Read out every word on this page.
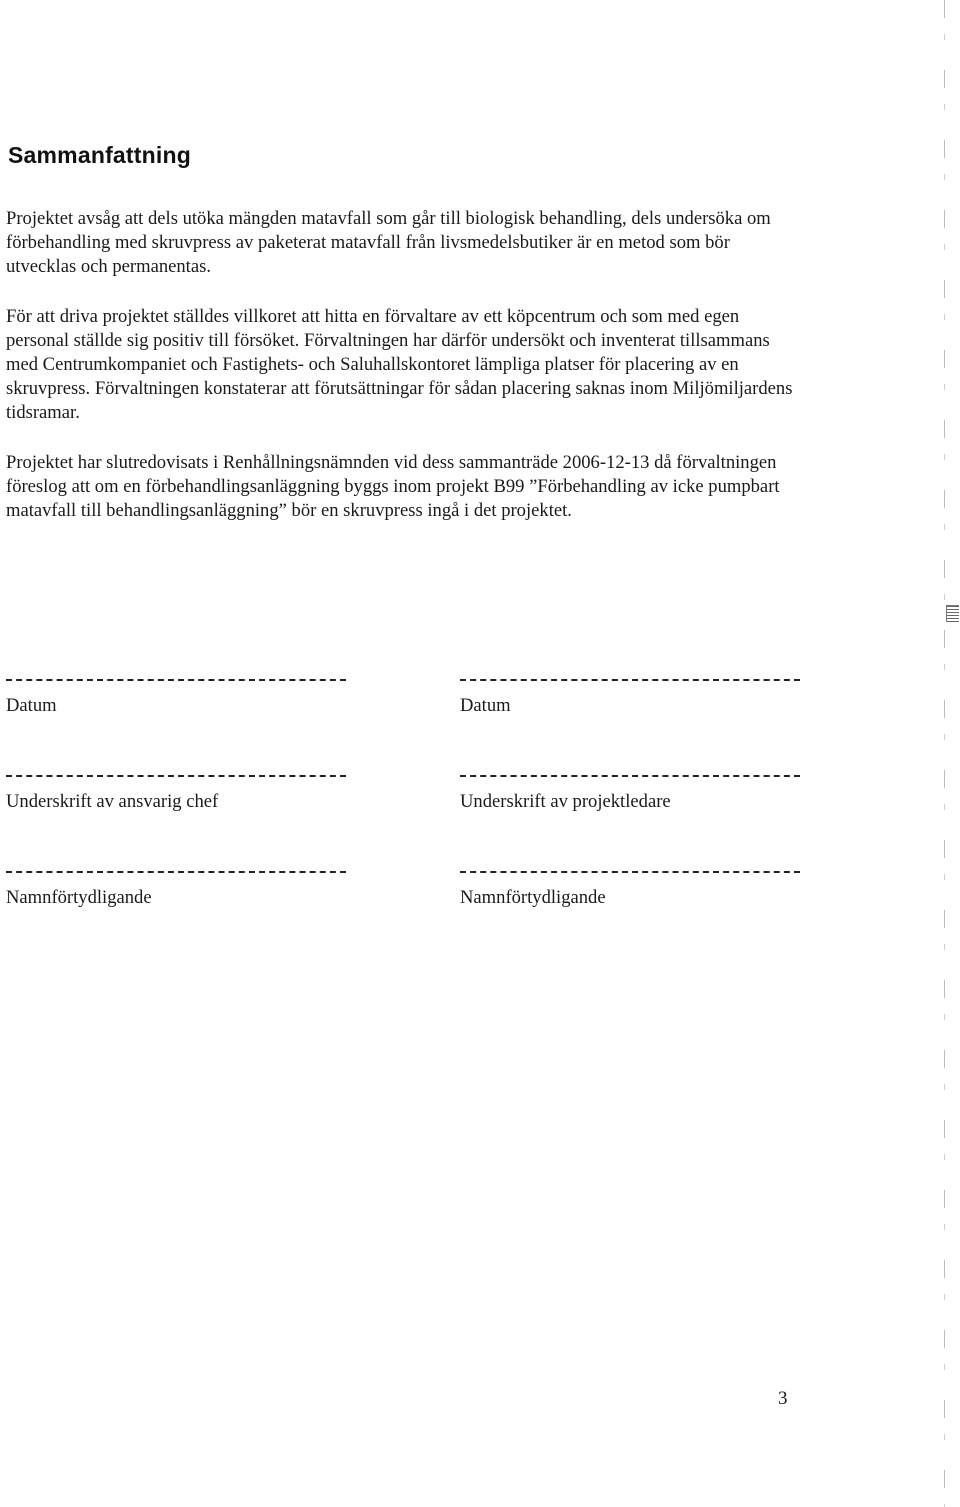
Sammanfattning

Projektet avsåg att dels utöka mängden matavfall som går till biologisk behandling, dels undersöka om förbehandling med skruvpress av paketerat matavfall från livsmedelsbutiker är en metod som bör utvecklas och permanentas.

För att driva projektet ställdes villkoret att hitta en förvaltare av ett köpcentrum och som med egen personal ställde sig positiv till försöket. Förvaltningen har därför undersökt och inventerat tillsammans med Centrumkompaniet och Fastighets- och Saluhallskontoret lämpliga platser för placering av en skruvpress. Förvaltningen konstaterar att förutsättningar för sådan placering saknas inom Miljömiljardens tidsramar.

Projektet har slutredovisats i Renhållningsnämnden vid dess sammanträde 2006-12-13 då förvaltningen föreslog att om en förbehandlingsanläggning byggs inom projekt B99 ”Förbehandling av icke pumpbart matavfall till behandlingsanläggning” bör en skruvpress ingå i det projektet.

Datum	Datum
Underskrift av ansvarig chef	Underskrift av projektledare
Namnförtydligande	Namnförtydligande
3
